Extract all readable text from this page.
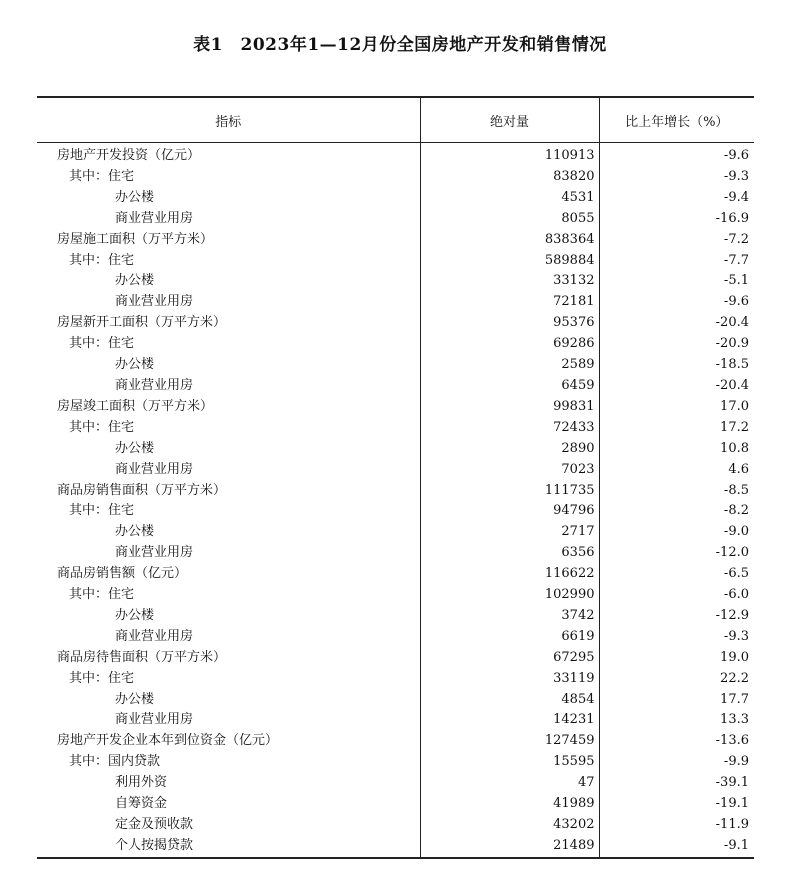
表1　2023年1—12月份全国房地产开发和销售情况
指标	绝对量	比上年增长（%）
房地产开发投资（亿元）	110913	-9.6
其中：住宅	83820	-9.3
办公楼	4531	-9.4
商业营业用房	8055	-16.9
房屋施工面积（万平方米）	838364	-7.2
其中：住宅	589884	-7.7
办公楼	33132	-5.1
商业营业用房	72181	-9.6
房屋新开工面积（万平方米）	95376	-20.4
其中：住宅	69286	-20.9
办公楼	2589	-18.5
商业营业用房	6459	-20.4
房屋竣工面积（万平方米）	99831	17.0
其中：住宅	72433	17.2
办公楼	2890	10.8
商业营业用房	7023	4.6
商品房销售面积（万平方米）	111735	-8.5
其中：住宅	94796	-8.2
办公楼	2717	-9.0
商业营业用房	6356	-12.0
商品房销售额（亿元）	116622	-6.5
其中：住宅	102990	-6.0
办公楼	3742	-12.9
商业营业用房	6619	-9.3
商品房待售面积（万平方米）	67295	19.0
其中：住宅	33119	22.2
办公楼	4854	17.7
商业营业用房	14231	13.3
房地产开发企业本年到位资金（亿元）	127459	-13.6
其中：国内贷款	15595	-9.9
利用外资	47	-39.1
自筹资金	41989	-19.1
定金及预收款	43202	-11.9
个人按揭贷款	21489	-9.1
